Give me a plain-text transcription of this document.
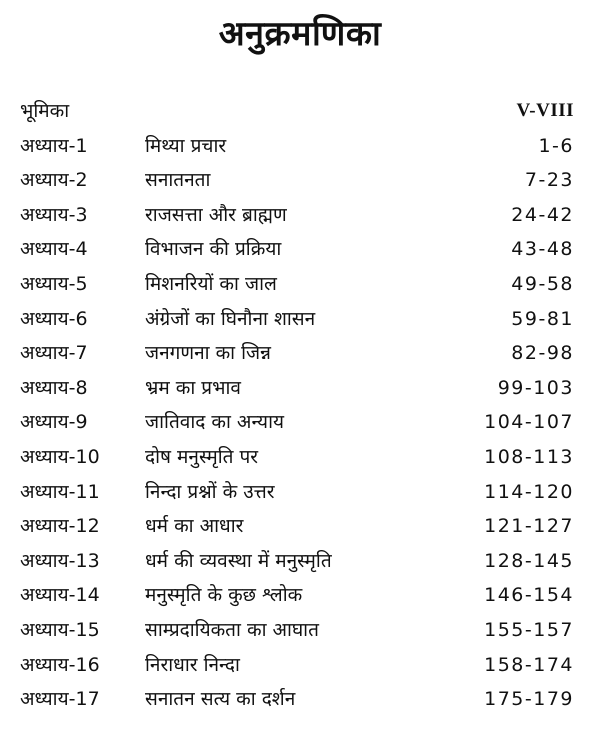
अनुक्रमणिका
भूमिका	V-VIII
अध्याय-1	मिथ्या प्रचार	1-6
अध्याय-2	सनातनता	7-23
अध्याय-3	राजसत्ता और ब्राह्मण	24-42
अध्याय-4	विभाजन की प्रक्रिया	43-48
अध्याय-5	मिशनरियों का जाल	49-58
अध्याय-6	अंग्रेजों का घिनौना शासन	59-81
अध्याय-7	जनगणना का जिन्न	82-98
अध्याय-8	भ्रम का प्रभाव	99-103
अध्याय-9	जातिवाद का अन्याय	104-107
अध्याय-10 दोष मनुस्मृति पर	108-113
अध्याय-11 निन्दा प्रश्नों के उत्तर	114-120
अध्याय-12 धर्म का आधार	121-127
अध्याय-13 धर्म की व्यवस्था में मनुस्मृति	128-145
अध्याय-14 मनुस्मृति के कुछ श्लोक	146-154
अध्याय-15 साम्प्रदायिकता का आघात	155-157
अध्याय-16 निराधार निन्दा	158-174
अध्याय-17 सनातन सत्य का दर्शन	175-179
